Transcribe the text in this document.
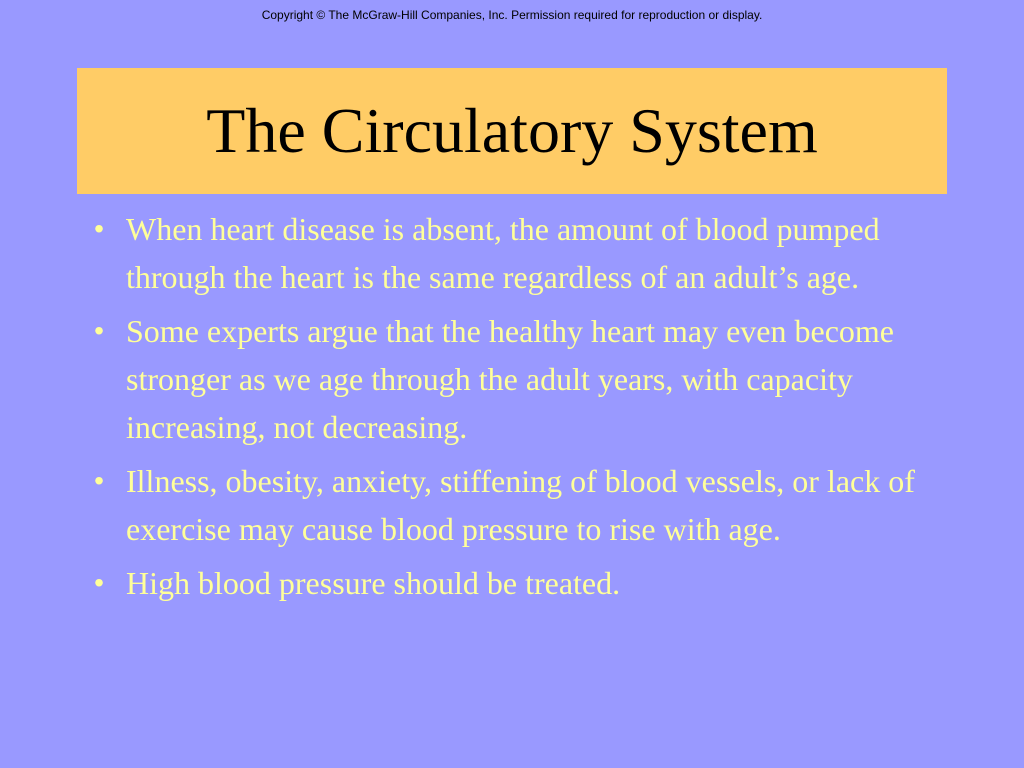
Copyright © The McGraw-Hill Companies, Inc. Permission required for reproduction or display.
The Circulatory System
• When heart disease is absent, the amount of blood pumped through the heart is the same regardless of an adult’s age.
• Some experts argue that the healthy heart may even become stronger as we age through the adult years, with capacity increasing, not decreasing.
• Illness, obesity, anxiety, stiffening of blood vessels, or lack of exercise may cause blood pressure to rise with age.
• High blood pressure should be treated.
